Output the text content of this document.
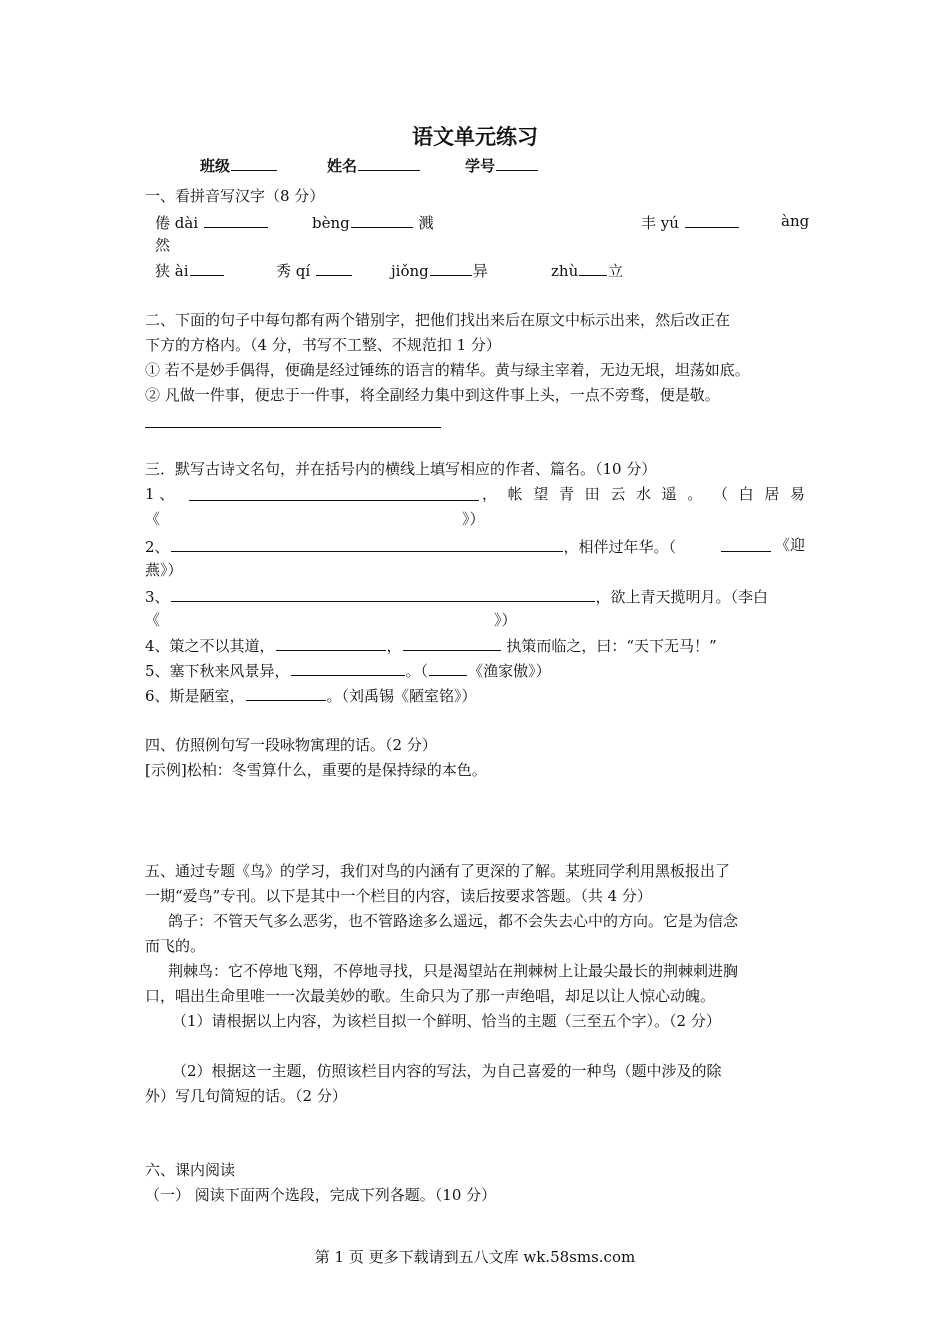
语文单元练习
班级	姓名	学号
一、看拼音写汉字（8 分）
倦 dài	bèng	溅	丰 yú	àng
然
狭 ài	秀 qí	jiǒng	异	zhù 立
二、下面的句子中每句都有两个错别字，把他们找出来后在原文中标示出来，然后改正在
下方的方格内。（4 分，书写不工整、不规范扣 1 分）
① 若不是妙手偶得，便确是经过锤练的语言的精华。黄与绿主宰着，无边无垠，坦荡如底。
② 凡做一件事，便忠于一件事，将全副经力集中到这件事上头，一点不旁骛，便是敬。
三．默写古诗文名句，并在括号内的横线上填写相应的作者、篇名。（10 分）
1 、	， 帐 望 青 田 云 水 遥 。 （ 白 居 易
《	》）
2、	，相伴过年华。（	《迎
燕》）
3、	，欲上青天揽明月。（李白
《	》）
4、策之不以其道，	，	执策而临之，曰：“天下无马！”
5、塞下秋来风景异，	。（	《渔家傲》）
6、斯是陋室，	。（刘禹锡《陋室铭》）
四、仿照例句写一段咏物寓理的话。（2 分）
[示例]松柏：冬雪算什么，重要的是保持绿的本色。
五、通过专题《鸟》的学习，我们对鸟的内涵有了更深的了解。某班同学利用黑板报出了
一期“爱鸟”专刊。以下是其中一个栏目的内容，读后按要求答题。（共 4 分）
鸽子：不管天气多么恶劣，也不管路途多么遥远，都不会失去心中的方向。它是为信念
而飞的。
荆棘鸟：它不停地飞翔，不停地寻找，只是渴望站在荆棘树上让最尖最长的荆棘刺进胸
口，唱出生命里唯一一次最美妙的歌。生命只为了那一声绝唱，却足以让人惊心动魄。
（1）请根据以上内容，为该栏目拟一个鲜明、恰当的主题（三至五个字）。（2 分）
（2）根据这一主题，仿照该栏目内容的写法，为自己喜爱的一种鸟（题中涉及的除
外）写几句简短的话。（2 分）
六、课内阅读
（一） 阅读下面两个选段，完成下列各题。（10 分）
第 1 页 更多下载请到五八文库 wk.58sms.com
